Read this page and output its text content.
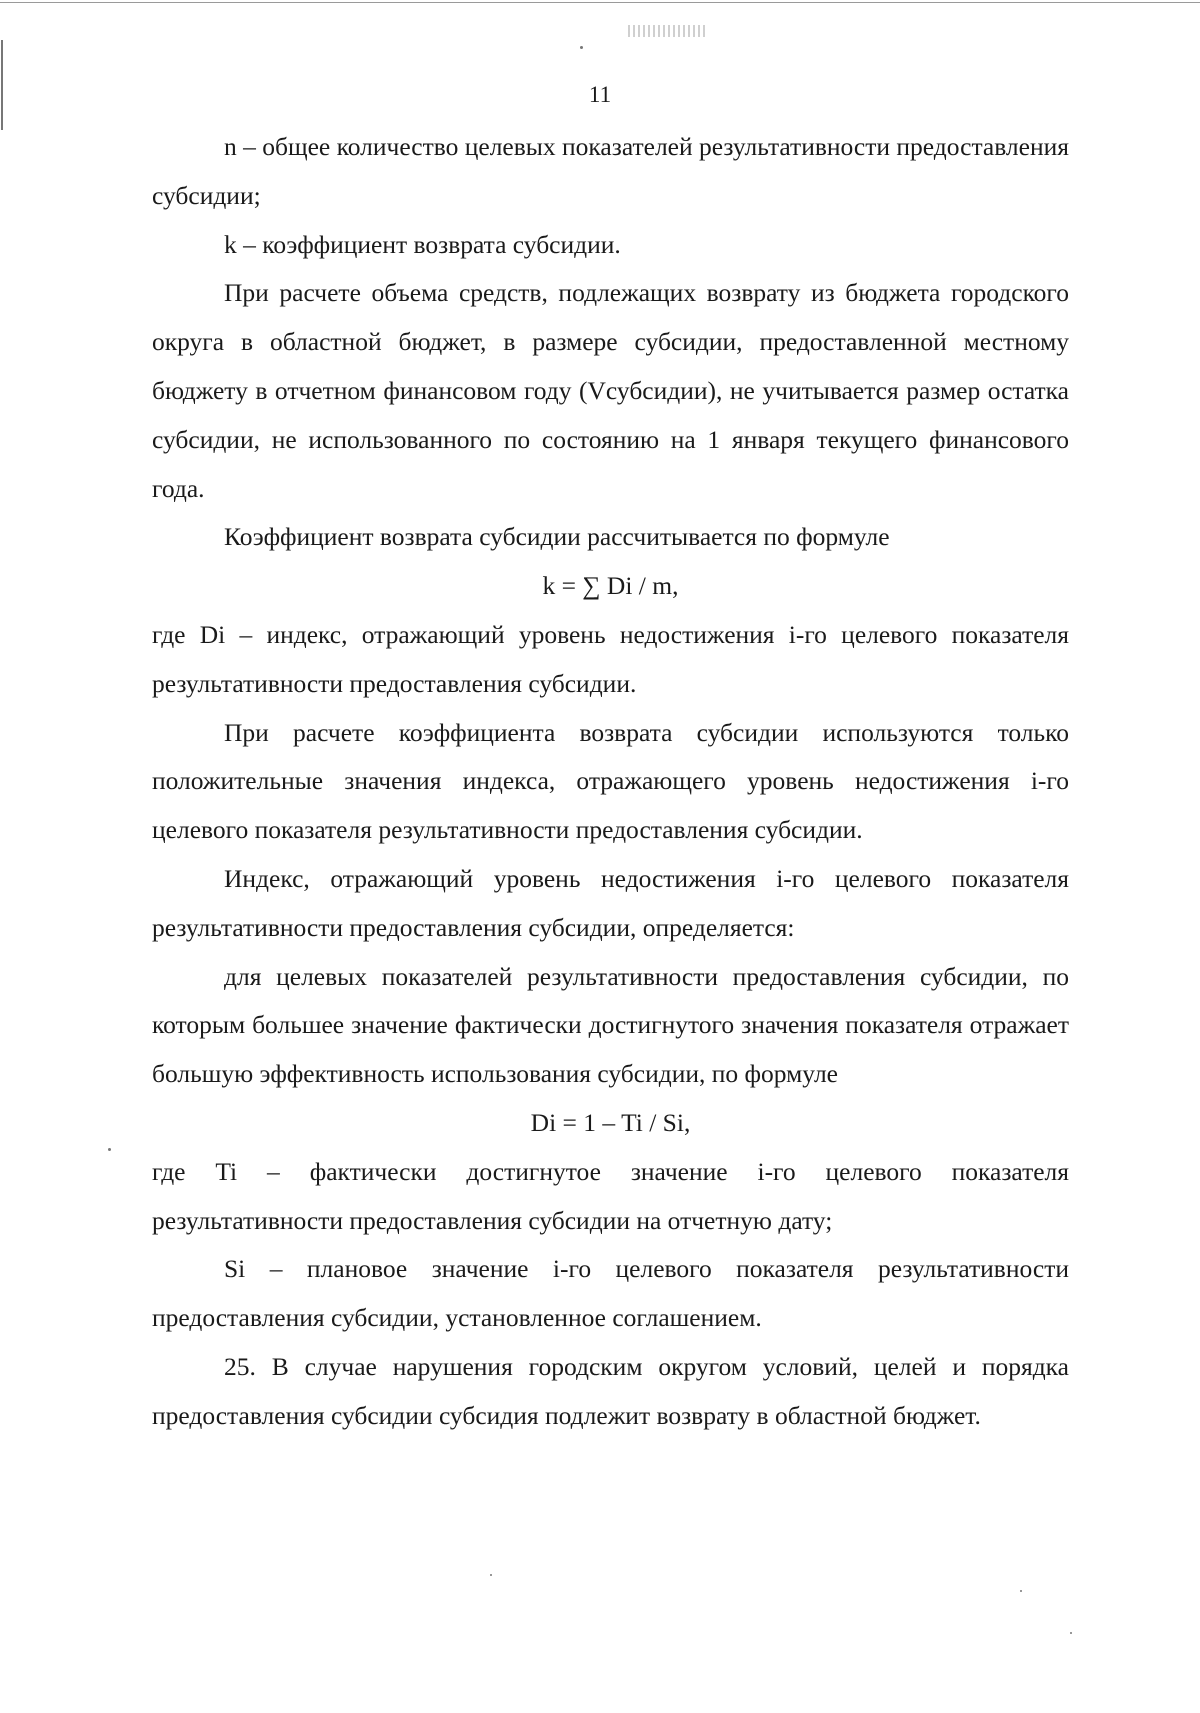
11

n – общее количество целевых показателей результативности предоставления субсидии;

k – коэффициент возврата субсидии.

При расчете объема средств, подлежащих возврату из бюджета городского округа в областной бюджет, в размере субсидии, предоставленной местному бюджету в отчетном финансовом году (Vсубсидии), не учитывается размер остатка субсидии, не использованного по состоянию на 1 января текущего финансового года.

Коэффициент возврата субсидии рассчитывается по формуле

k = ∑ Di / m,

где Di – индекс, отражающий уровень недостижения i-го целевого показателя результативности предоставления субсидии.

При расчете коэффициента возврата субсидии используются только положительные значения индекса, отражающего уровень недостижения i-го целевого показателя результативности предоставления субсидии.

Индекс, отражающий уровень недостижения i-го целевого показателя результативности предоставления субсидии, определяется:

для целевых показателей результативности предоставления субсидии, по которым большее значение фактически достигнутого значения показателя отражает большую эффективность использования субсидии, по формуле

Di = 1 – Ti / Si,

где Ti – фактически достигнутое значение i-го целевого показателя результативности предоставления субсидии на отчетную дату;

Si – плановое значение i-го целевого показателя результативности предоставления субсидии, установленное соглашением.

25. В случае нарушения городским округом условий, целей и порядка предоставления субсидии субсидия подлежит возврату в областной бюджет.
